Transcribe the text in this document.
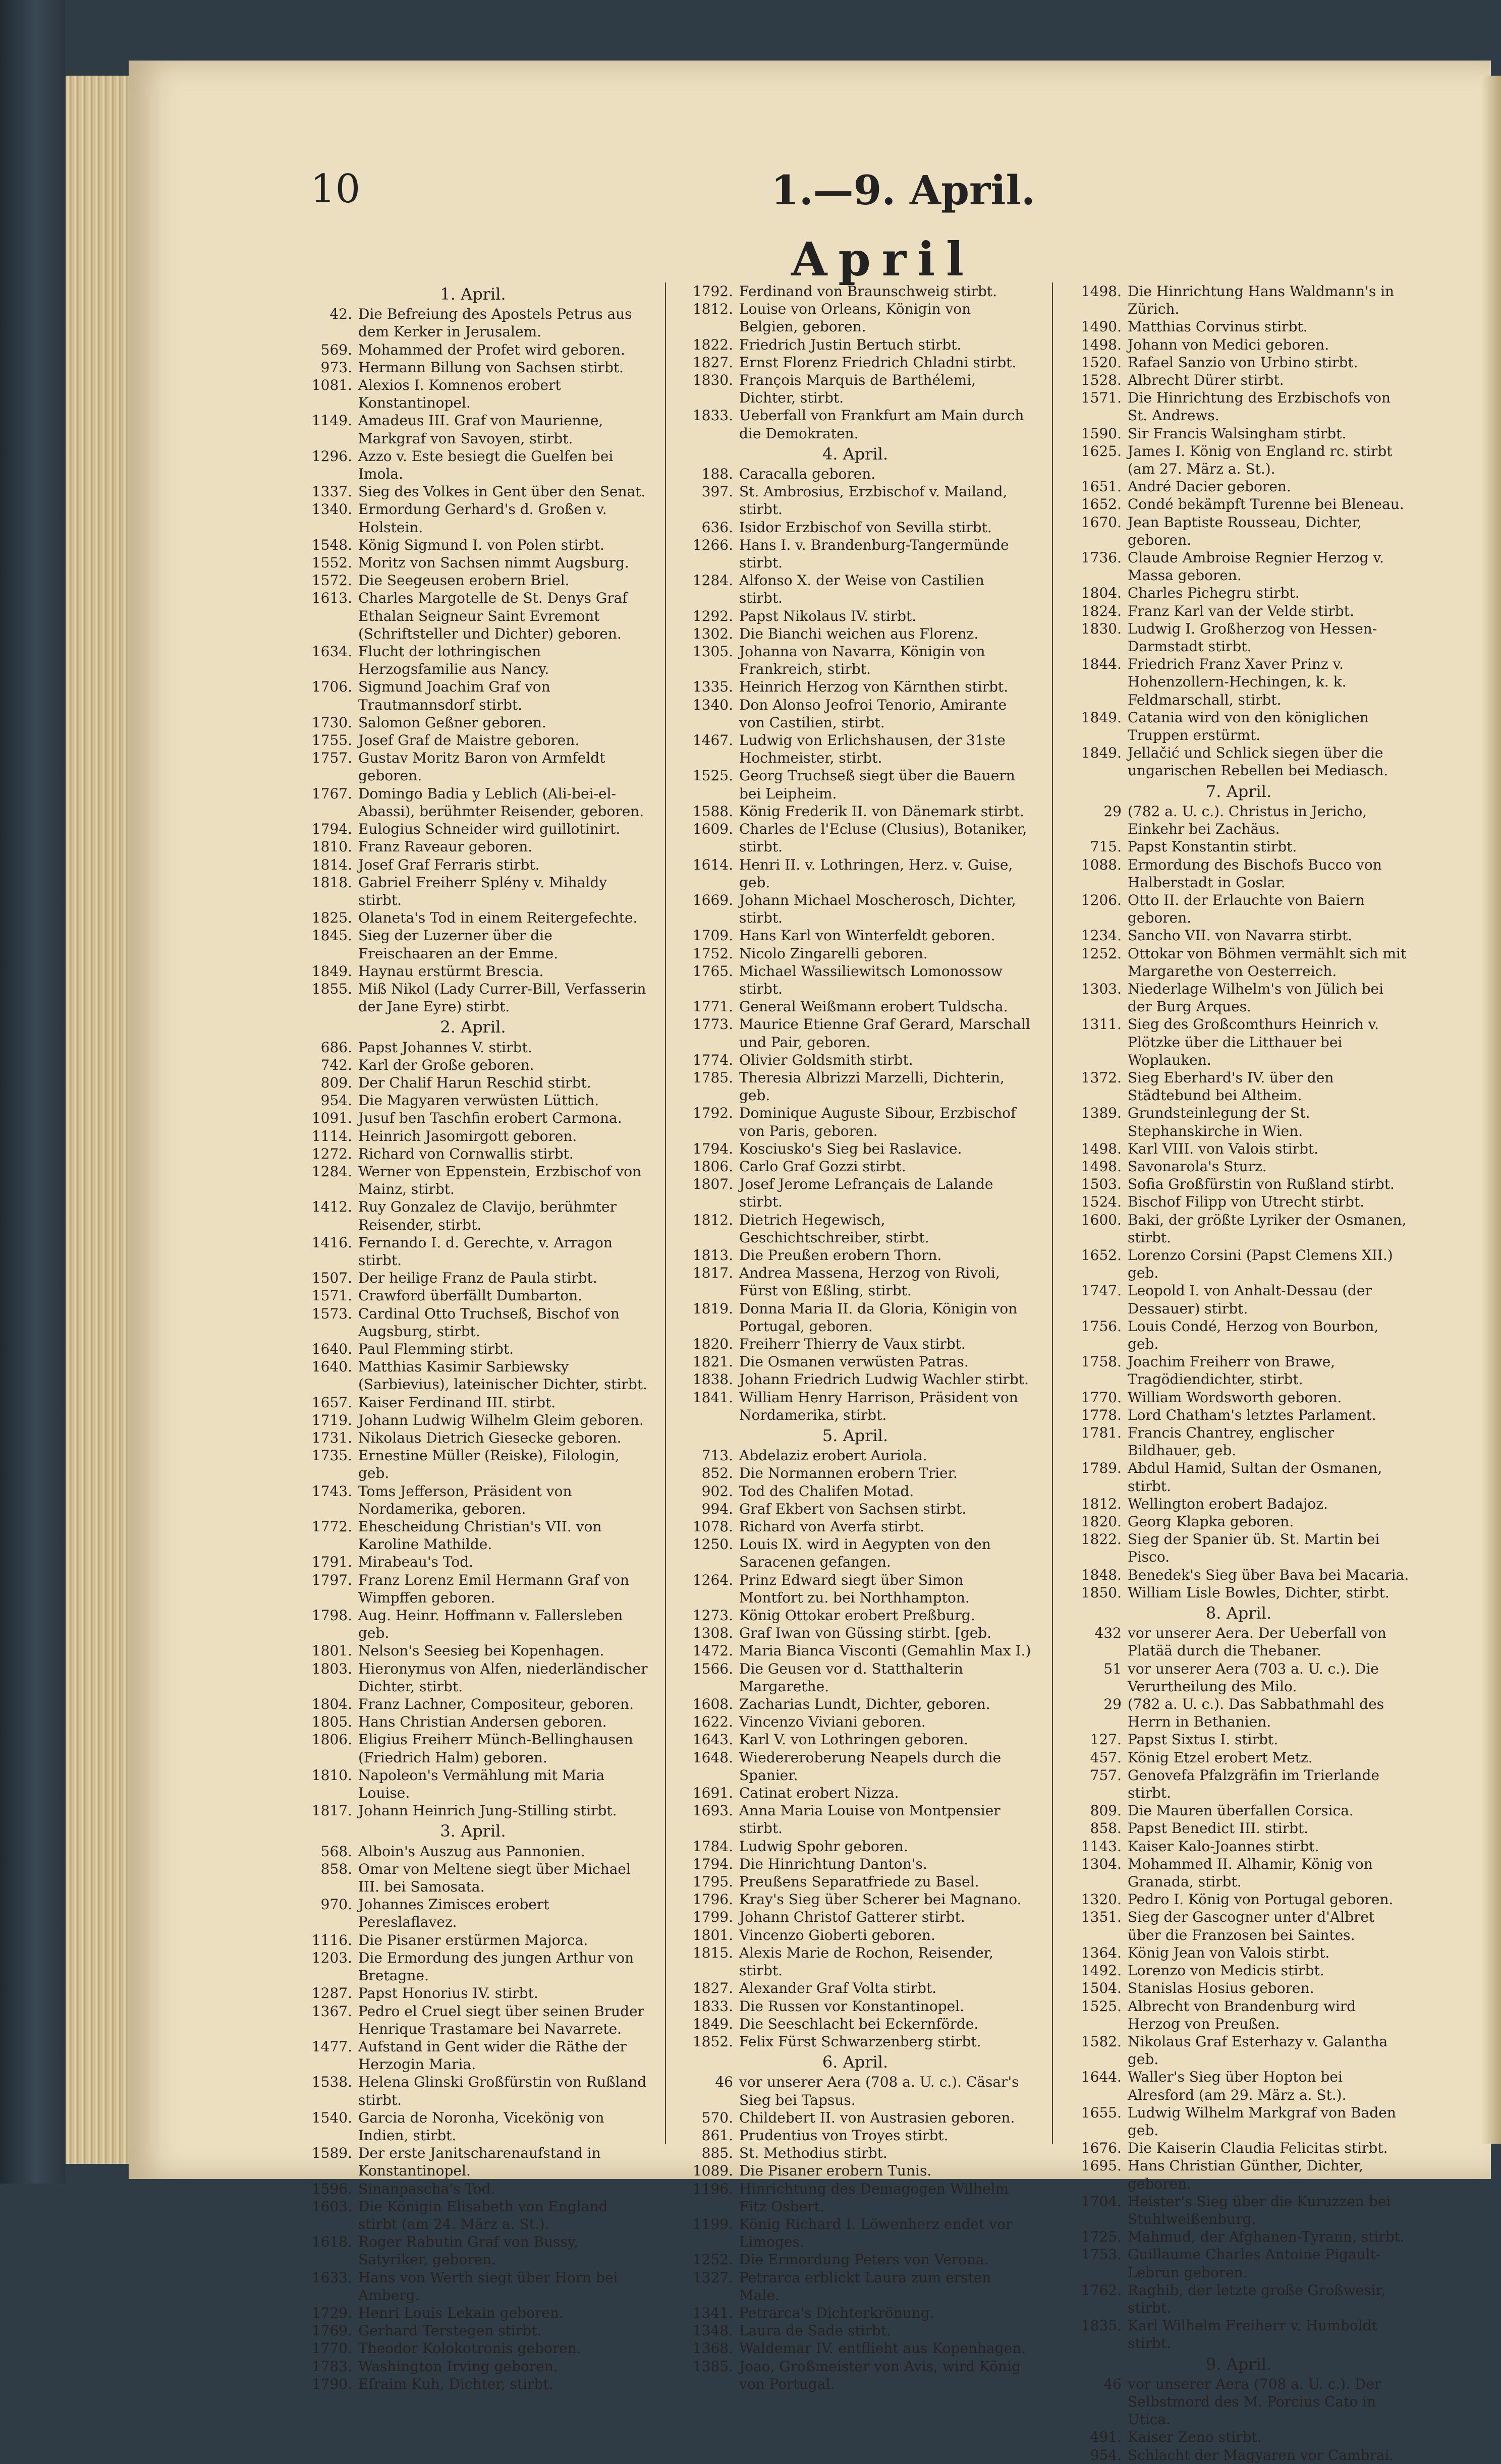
10	1.—9. April.
April
1. April.
42. Die Befreiung des Apostels Petrus aus dem Kerker in Jerusalem.
569. Mohammed der Profet wird geboren.
973. Hermann Billung von Sachsen stirbt.
1081. Alexios I. Komnenos erobert Konstantinopel.
1149. Amadeus III. Graf von Maurienne, Markgraf von Savoyen, stirbt.
1296. Azzo v. Este besiegt die Guelfen bei Imola.
1337. Sieg des Volkes in Gent über den Senat.
1340. Ermordung Gerhard's d. Großen v. Holstein.
1548. König Sigmund I. von Polen stirbt.
1552. Moritz von Sachsen nimmt Augsburg.
1572. Die Seegeusen erobern Briel.
1613. Charles Margotelle de St. Denys Graf Ethalan Seigneur Saint Evremont (Schriftsteller und Dichter) geboren.
1634. Flucht der lothringischen Herzogsfamilie aus Nancy.
1706. Sigmund Joachim Graf von Trautmannsdorf stirbt.
1730. Salomon Geßner geboren.
1755. Josef Graf de Maistre geboren.
1757. Gustav Moritz Baron von Armfeldt geboren.
1767. Domingo Badia y Leblich (Ali-bei-el-Abassi), berühmter Reisender, geboren.
1794. Eulogius Schneider wird guillotinirt.
1810. Franz Raveaur geboren.
1814. Josef Graf Ferraris stirbt.
1818. Gabriel Freiherr Splény v. Mihaldy stirbt.
1825. Olaneta's Tod in einem Reitergefechte.
1845. Sieg der Luzerner über die Freischaaren an der Emme.
1849. Haynau erstürmt Brescia.
1855. Miß Nikol (Lady Currer-Bill, Verfasserin der Jane Eyre) stirbt.
2. April.
686. Papst Johannes V. stirbt.
742. Karl der Große geboren.
809. Der Chalif Harun Reschid stirbt.
954. Die Magyaren verwüsten Lüttich.
1091. Jusuf ben Taschfin erobert Carmona.
1114. Heinrich Jasomirgott geboren.
1272. Richard von Cornwallis stirbt.
1284. Werner von Eppenstein, Erzbischof von Mainz, stirbt.
1412. Ruy Gonzalez de Clavijo, berühmter Reisender, stirbt.
1416. Fernando I. d. Gerechte, v. Arragon stirbt.
1507. Der heilige Franz de Paula stirbt.
1571. Crawford überfällt Dumbarton.
1573. Cardinal Otto Truchseß, Bischof von Augsburg, stirbt.
1640. Paul Flemming stirbt.
1640. Matthias Kasimir Sarbiewsky (Sarbievius), lateinischer Dichter, stirbt.
1657. Kaiser Ferdinand III. stirbt.
1719. Johann Ludwig Wilhelm Gleim geboren.
1731. Nikolaus Dietrich Giesecke geboren.
1735. Ernestine Müller (Reiske), Filologin, geb.
1743. Toms Jefferson, Präsident von Nordamerika, geboren.
1772. Ehescheidung Christian's VII. von Karoline Mathilde.
1791. Mirabeau's Tod.
1797. Franz Lorenz Emil Hermann Graf von Wimpffen geboren.
1798. Aug. Heinr. Hoffmann v. Fallersleben geb.
1801. Nelson's Seesieg bei Kopenhagen.
1803. Hieronymus von Alfen, niederländischer Dichter, stirbt.
1804. Franz Lachner, Compositeur, geboren.
1805. Hans Christian Andersen geboren.
1806. Eligius Freiherr Münch-Bellinghausen (Friedrich Halm) geboren.
1810. Napoleon's Vermählung mit Maria Louise.
1817. Johann Heinrich Jung-Stilling stirbt.
3. April.
568. Alboin's Auszug aus Pannonien.
858. Omar von Meltene siegt über Michael III. bei Samosata.
970. Johannes Zimisces erobert Pereslaflavez.
1116. Die Pisaner erstürmen Majorca.
1203. Die Ermordung des jungen Arthur von Bretagne.
1287. Papst Honorius IV. stirbt.
1367. Pedro el Cruel siegt über seinen Bruder Henrique Trastamare bei Navarrete.
1477. Aufstand in Gent wider die Räthe der Herzogin Maria.
1538. Helena Glinski Großfürstin von Rußland stirbt.
1540. Garcia de Noronha, Vicekönig von Indien, stirbt.
1589. Der erste Janitscharenaufstand in Konstantinopel.
1596. Sinanpascha's Tod.
1603. Die Königin Elisabeth von England stirbt (am 24. März a. St.).
1618. Roger Rabutin Graf von Bussy, Satyriker, geboren.
1633. Hans von Werth siegt über Horn bei Amberg.
1729. Henri Louis Lekain geboren.
1769. Gerhard Terstegen stirbt.
1770. Theodor Kolokotronis geboren.
1783. Washington Irving geboren.
1790. Efraim Kuh, Dichter, stirbt.
1792. Ferdinand von Braunschweig stirbt.
1812. Louise von Orleans, Königin von Belgien, geboren.
1822. Friedrich Justin Bertuch stirbt.
1827. Ernst Florenz Friedrich Chladni stirbt.
1830. François Marquis de Barthélemi, Dichter, stirbt.
1833. Ueberfall von Frankfurt am Main durch die Demokraten.
4. April.
188. Caracalla geboren.
397. St. Ambrosius, Erzbischof v. Mailand, stirbt.
636. Isidor Erzbischof von Sevilla stirbt.
1266. Hans I. v. Brandenburg-Tangermünde stirbt.
1284. Alfonso X. der Weise von Castilien stirbt.
1292. Papst Nikolaus IV. stirbt.
1302. Die Bianchi weichen aus Florenz.
1305. Johanna von Navarra, Königin von Frankreich, stirbt.
1335. Heinrich Herzog von Kärnthen stirbt.
1340. Don Alonso Jeofroi Tenorio, Amirante von Castilien, stirbt.
1467. Ludwig von Erlichshausen, der 31ste Hochmeister, stirbt.
1525. Georg Truchseß siegt über die Bauern bei Leipheim.
1588. König Frederik II. von Dänemark stirbt.
1609. Charles de l'Ecluse (Clusius), Botaniker, stirbt.
1614. Henri II. v. Lothringen, Herz. v. Guise, geb.
1669. Johann Michael Moscherosch, Dichter, stirbt.
1709. Hans Karl von Winterfeldt geboren.
1752. Nicolo Zingarelli geboren.
1765. Michael Wassiliewitsch Lomonossow stirbt.
1771. General Weißmann erobert Tuldscha.
1773. Maurice Etienne Graf Gerard, Marschall und Pair, geboren.
1774. Olivier Goldsmith stirbt.
1785. Theresia Albrizzi Marzelli, Dichterin, geb.
1792. Dominique Auguste Sibour, Erzbischof von Paris, geboren.
1794. Kosciusko's Sieg bei Raslavice.
1806. Carlo Graf Gozzi stirbt.
1807. Josef Jerome Lefrançais de Lalande stirbt.
1812. Dietrich Hegewisch, Geschichtschreiber, stirbt.
1813. Die Preußen erobern Thorn.
1817. Andrea Massena, Herzog von Rivoli, Fürst von Eßling, stirbt.
1819. Donna Maria II. da Gloria, Königin von Portugal, geboren.
1820. Freiherr Thierry de Vaux stirbt.
1821. Die Osmanen verwüsten Patras.
1838. Johann Friedrich Ludwig Wachler stirbt.
1841. William Henry Harrison, Präsident von Nordamerika, stirbt.
5. April.
713. Abdelaziz erobert Auriola.
852. Die Normannen erobern Trier.
902. Tod des Chalifen Motad.
994. Graf Ekbert von Sachsen stirbt.
1078. Richard von Averfa stirbt.
1250. Louis IX. wird in Aegypten von den Saracenen gefangen.
1264. Prinz Edward siegt über Simon Montfort zu. bei Northhampton.
1273. König Ottokar erobert Preßburg.
1308. Graf Iwan von Güssing stirbt. [geb.
1472. Maria Bianca Visconti (Gemahlin Max I.)
1566. Die Geusen vor d. Statthalterin Margarethe.
1608. Zacharias Lundt, Dichter, geboren.
1622. Vincenzo Viviani geboren.
1643. Karl V. von Lothringen geboren.
1648. Wiedereroberung Neapels durch die Spanier.
1691. Catinat erobert Nizza.
1693. Anna Maria Louise von Montpensier stirbt.
1784. Ludwig Spohr geboren.
1794. Die Hinrichtung Danton's.
1795. Preußens Separatfriede zu Basel.
1796. Kray's Sieg über Scherer bei Magnano.
1799. Johann Christof Gatterer stirbt.
1801. Vincenzo Gioberti geboren.
1815. Alexis Marie de Rochon, Reisender, stirbt.
1827. Alexander Graf Volta stirbt.
1833. Die Russen vor Konstantinopel.
1849. Die Seeschlacht bei Eckernförde.
1852. Felix Fürst Schwarzenberg stirbt.
6. April.
46 vor unserer Aera (708 a. U. c.). Cäsar's Sieg bei Tapsus.
570. Childebert II. von Austrasien geboren.
861. Prudentius von Troyes stirbt.
885. St. Methodius stirbt.
1089. Die Pisaner erobern Tunis.
1196. Hinrichtung des Demagogen Wilhelm Fitz Osbert.
1199. König Richard I. Löwenherz endet vor Limoges.
1252. Die Ermordung Peters von Verona.
1327. Petrarca erblickt Laura zum ersten Male.
1341. Petrarca's Dichterkrönung.
1348. Laura de Sade stirbt.
1368. Waldemar IV. entflieht aus Kopenhagen.
1385. Joao, Großmeister von Avis, wird König von Portugal.
1498. Die Hinrichtung Hans Waldmann's in Zürich.
1490. Matthias Corvinus stirbt.
1498. Johann von Medici geboren.
1520. Rafael Sanzio von Urbino stirbt.
1528. Albrecht Dürer stirbt.
1571. Die Hinrichtung des Erzbischofs von St. Andrews.
1590. Sir Francis Walsingham stirbt.
1625. James I. König von England rc. stirbt (am 27. März a. St.).
1651. André Dacier geboren.
1652. Condé bekämpft Turenne bei Bleneau.
1670. Jean Baptiste Rousseau, Dichter, geboren.
1736. Claude Ambroise Regnier Herzog v. Massa geboren.
1804. Charles Pichegru stirbt.
1824. Franz Karl van der Velde stirbt.
1830. Ludwig I. Großherzog von Hessen-Darmstadt stirbt.
1844. Friedrich Franz Xaver Prinz v. Hohenzollern-Hechingen, k. k. Feldmarschall, stirbt.
1849. Catania wird von den königlichen Truppen erstürmt.
1849. Jellačić und Schlick siegen über die ungarischen Rebellen bei Mediasch.
7. April.
29 (782 a. U. c.). Christus in Jericho, Einkehr bei Zachäus.
715. Papst Konstantin stirbt.
1088. Ermordung des Bischofs Bucco von Halberstadt in Goslar.
1206. Otto II. der Erlauchte von Baiern geboren.
1234. Sancho VII. von Navarra stirbt.
1252. Ottokar von Böhmen vermählt sich mit Margarethe von Oesterreich.
1303. Niederlage Wilhelm's von Jülich bei der Burg Arques.
1311. Sieg des Großcomthurs Heinrich v. Plötzke über die Litthauer bei Woplauken.
1372. Sieg Eberhard's IV. über den Städtebund bei Altheim.
1389. Grundsteinlegung der St. Stephanskirche in Wien.
1498. Karl VIII. von Valois stirbt.
1498. Savonarola's Sturz.
1503. Sofia Großfürstin von Rußland stirbt.
1524. Bischof Filipp von Utrecht stirbt.
1600. Baki, der größte Lyriker der Osmanen, stirbt.
1652. Lorenzo Corsini (Papst Clemens XII.) geb.
1747. Leopold I. von Anhalt-Dessau (der Dessauer) stirbt.
1756. Louis Condé, Herzog von Bourbon, geb.
1758. Joachim Freiherr von Brawe, Tragödiendichter, stirbt.
1770. William Wordsworth geboren.
1778. Lord Chatham's letztes Parlament.
1781. Francis Chantrey, englischer Bildhauer, geb.
1789. Abdul Hamid, Sultan der Osmanen, stirbt.
1812. Wellington erobert Badajoz.
1820. Georg Klapka geboren.
1822. Sieg der Spanier üb. St. Martin bei Pisco.
1848. Benedek's Sieg über Bava bei Macaria.
1850. William Lisle Bowles, Dichter, stirbt.
8. April.
432 vor unserer Aera. Der Ueberfall von Platää durch die Thebaner.
51 vor unserer Aera (703 a. U. c.). Die Verurtheilung des Milo.
29 (782 a. U. c.). Das Sabbathmahl des Herrn in Bethanien.
127. Papst Sixtus I. stirbt.
457. König Etzel erobert Metz.
757. Genovefa Pfalzgräfin im Trierlande stirbt.
809. Die Mauren überfallen Corsica.
858. Papst Benedict III. stirbt.
1143. Kaiser Kalo-Joannes stirbt.
1304. Mohammed II. Alhamir, König von Granada, stirbt.
1320. Pedro I. König von Portugal geboren.
1351. Sieg der Gascogner unter d'Albret über die Franzosen bei Saintes.
1364. König Jean von Valois stirbt.
1492. Lorenzo von Medicis stirbt.
1504. Stanislas Hosius geboren.
1525. Albrecht von Brandenburg wird Herzog von Preußen.
1582. Nikolaus Graf Esterhazy v. Galantha geb.
1644. Waller's Sieg über Hopton bei Alresford (am 29. März a. St.).
1655. Ludwig Wilhelm Markgraf von Baden geb.
1676. Die Kaiserin Claudia Felicitas stirbt.
1695. Hans Christian Günther, Dichter, geboren.
1704. Heister's Sieg über die Kuruzzen bei Stuhlweißenburg.
1725. Mahmud, der Afghanen-Tyrann, stirbt.
1753. Guillaume Charles Antoine Pigault-Lebrun geboren.
1762. Raghib, der letzte große Großwesir, stirbt.
1835. Karl Wilhelm Freiherr v. Humboldt stirbt.
9. April.
46 vor unserer Aera (708 a. U. c.). Der Selbstmord des M. Porcius Cato in Utica.
491. Kaiser Zeno stirbt.
954. Schlacht der Magyaren vor Cambrai.
